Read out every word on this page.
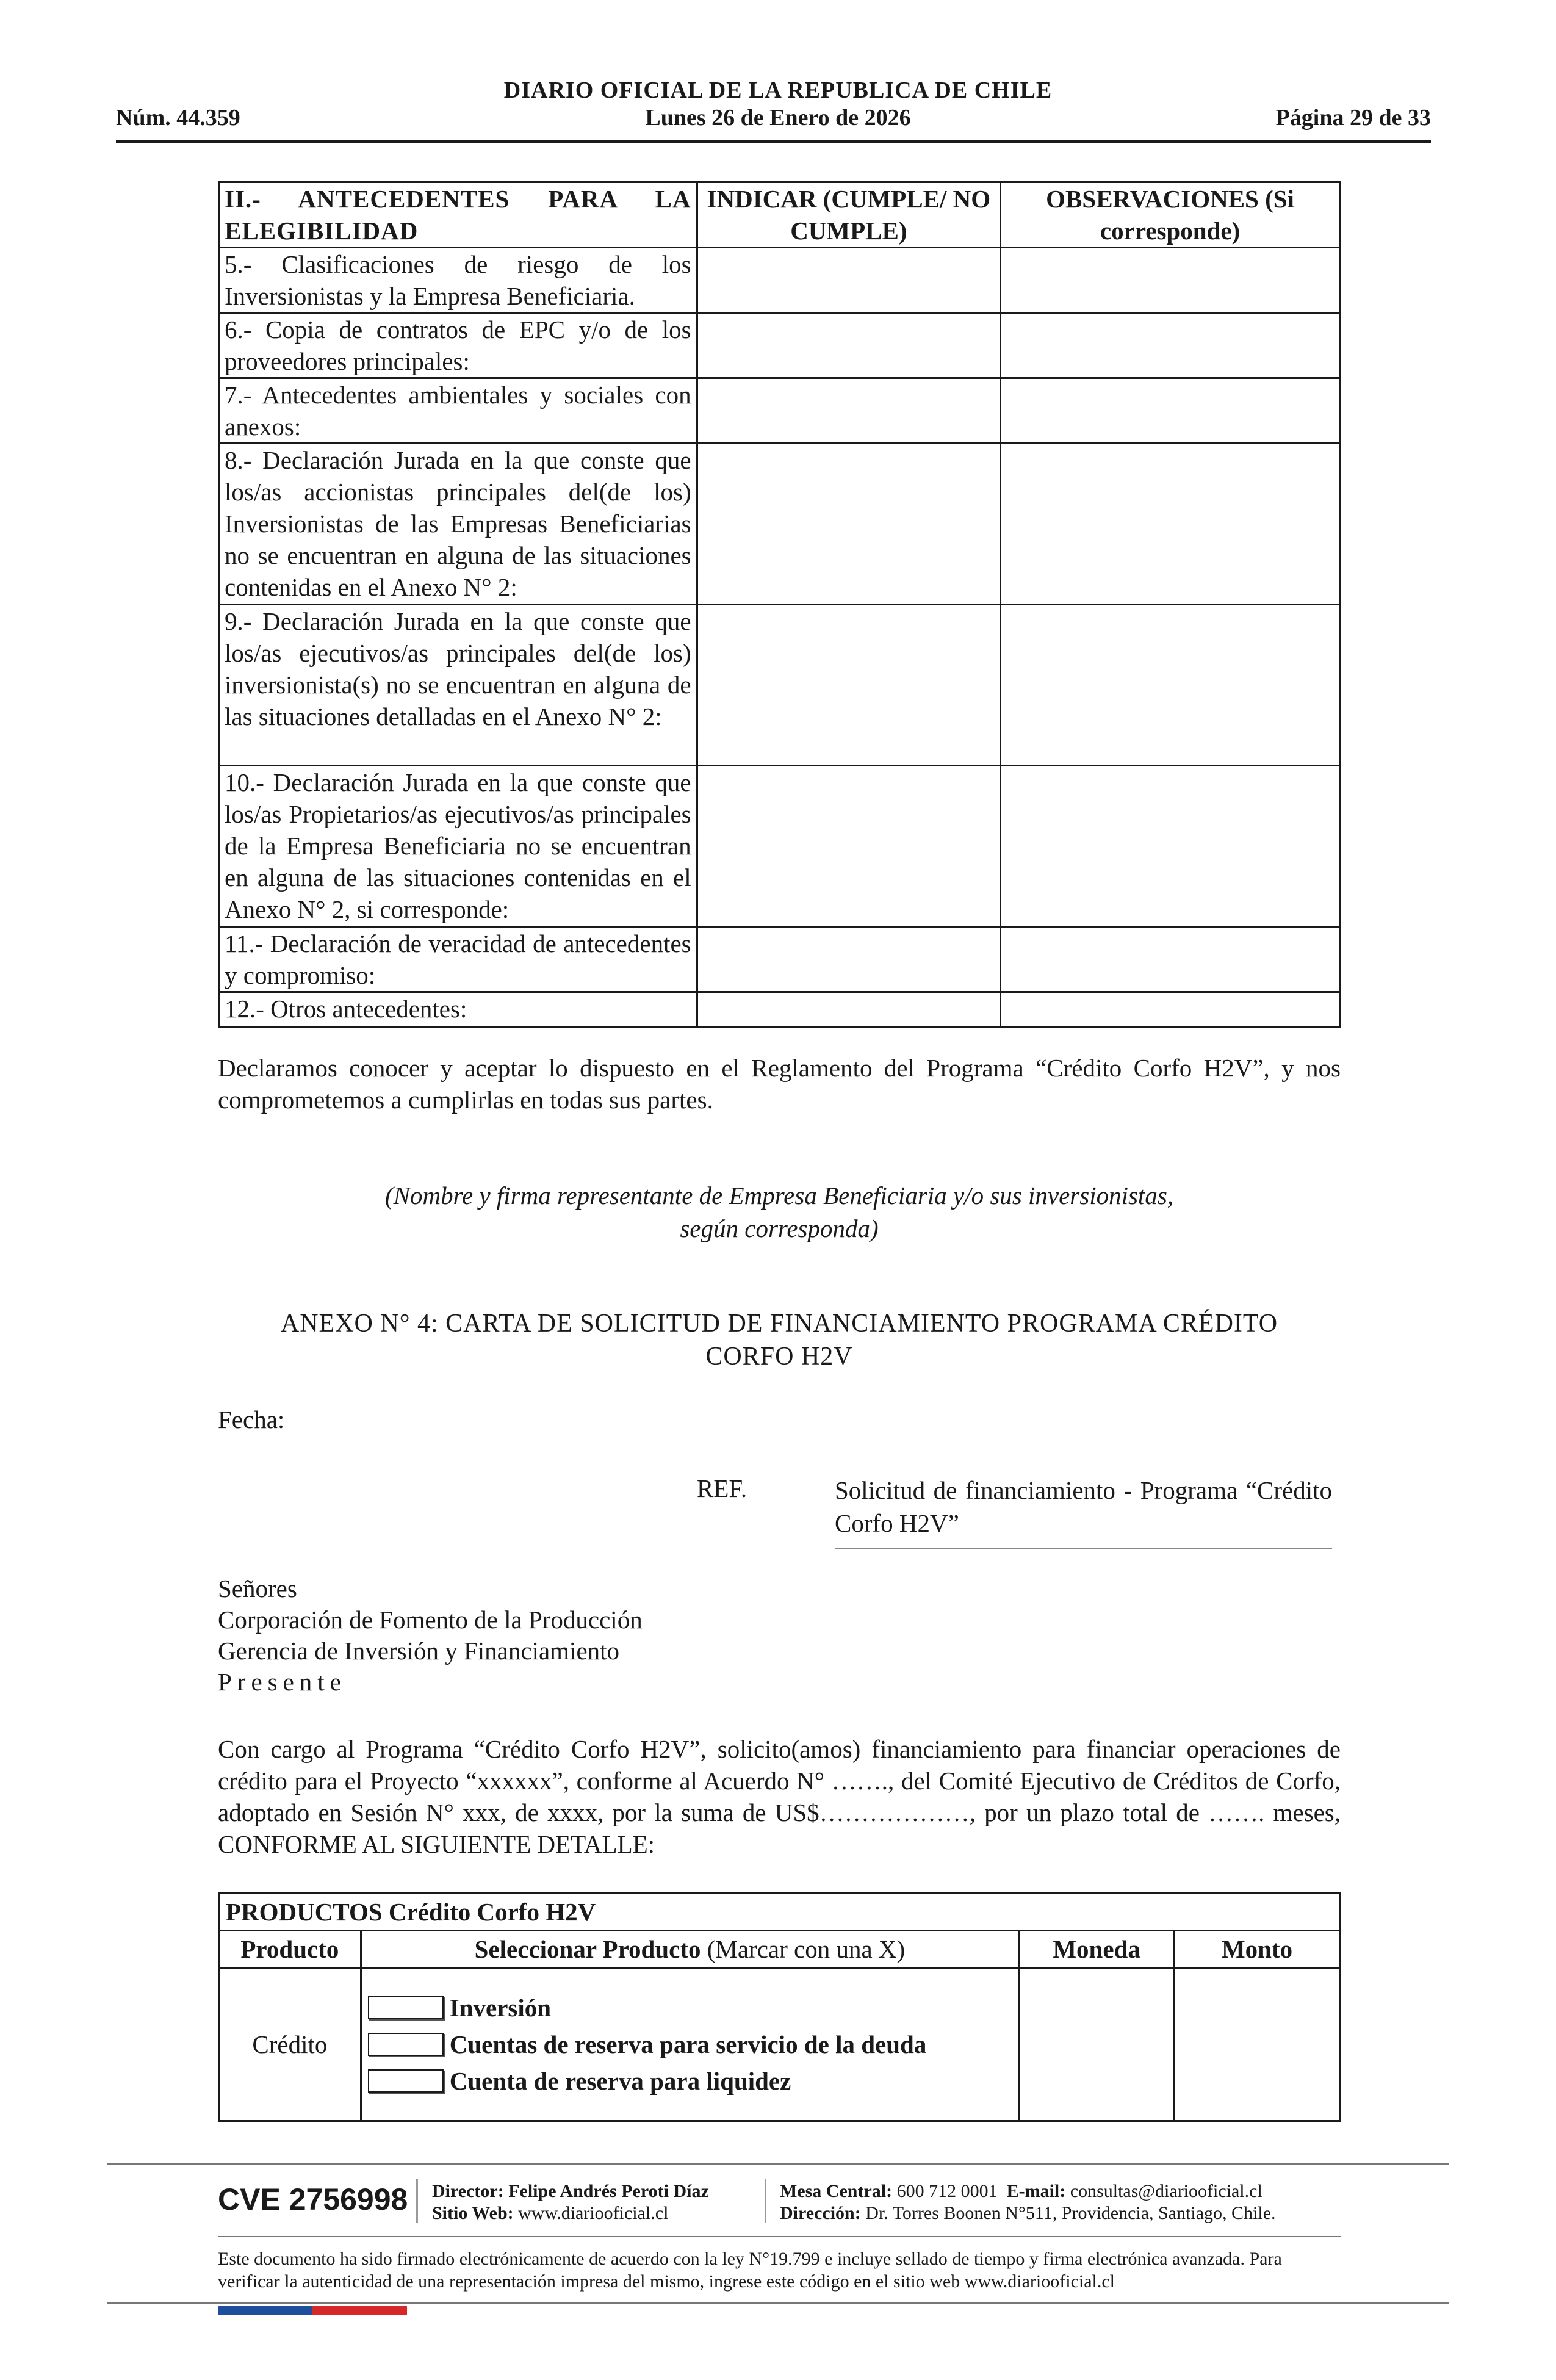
DIARIO OFICIAL DE LA REPUBLICA DE CHILE
Núm. 44.359	Lunes 26 de Enero de 2026	Página 29 de 33
II.- ANTECEDENTES PARA LA ELEGIBILIDAD	INDICAR (CUMPLE/ NO CUMPLE)	OBSERVACIONES (Si corresponde)
5.- Clasificaciones de riesgo de los Inversionistas y la Empresa Beneficiaria.		
6.- Copia de contratos de EPC y/o de los proveedores principales:		
7.- Antecedentes ambientales y sociales con anexos:		
8.- Declaración Jurada en la que conste que los/as accionistas principales del(de los) Inversionistas de las Empresas Beneficiarias no se encuentran en alguna de las situaciones contenidas en el Anexo N° 2:		
9.- Declaración Jurada en la que conste que los/as ejecutivos/as principales del(de los) inversionista(s) no se encuentran en alguna de las situaciones detalladas en el Anexo N° 2:		
10.- Declaración Jurada en la que conste que los/as Propietarios/as ejecutivos/as principales de la Empresa Beneficiaria no se encuentran en alguna de las situaciones contenidas en el Anexo N° 2, si corresponde:		
11.- Declaración de veracidad de antecedentes y compromiso:		
12.- Otros antecedentes:		
Declaramos conocer y aceptar lo dispuesto en el Reglamento del Programa “Crédito Corfo H2V”, y nos comprometemos a cumplirlas en todas sus partes.
(Nombre y firma representante de Empresa Beneficiaria y/o sus inversionistas,
según corresponda)
ANEXO N° 4: CARTA DE SOLICITUD DE FINANCIAMIENTO PROGRAMA CRÉDITO
CORFO H2V
Fecha:
REF.	Solicitud de financiamiento - Programa “Crédito Corfo H2V”
Señores
Corporación de Fomento de la Producción
Gerencia de Inversión y Financiamiento
Presente
Con cargo al Programa “Crédito Corfo H2V”, solicito(amos) financiamiento para financiar operaciones de crédito para el Proyecto “xxxxxx”, conforme al Acuerdo N° ……., del Comité Ejecutivo de Créditos de Corfo, adoptado en Sesión N° xxx, de xxxx, por la suma de US$………………, por un plazo total de ……. meses, CONFORME AL SIGUIENTE DETALLE:
PRODUCTOS Crédito Corfo H2V			
Producto	Seleccionar Producto (Marcar con una X)	Moneda	Monto
Crédito	Inversión
Cuentas de reserva para servicio de la deuda
Cuenta de reserva para liquidez		

CVE 2756998 Director: Felipe Andrés Peroti Díaz
Sitio Web: www.diariooficial.cl
Mesa Central: 600 712 0001 E-mail: consultas@diariooficial.cl
Dirección: Dr. Torres Boonen N°511, Providencia, Santiago, Chile.
Este documento ha sido firmado electrónicamente de acuerdo con la ley N°19.799 e incluye sellado de tiempo y firma electrónica avanzada. Para verificar la autenticidad de una representación impresa del mismo, ingrese este código en el sitio web www.diariooficial.cl
